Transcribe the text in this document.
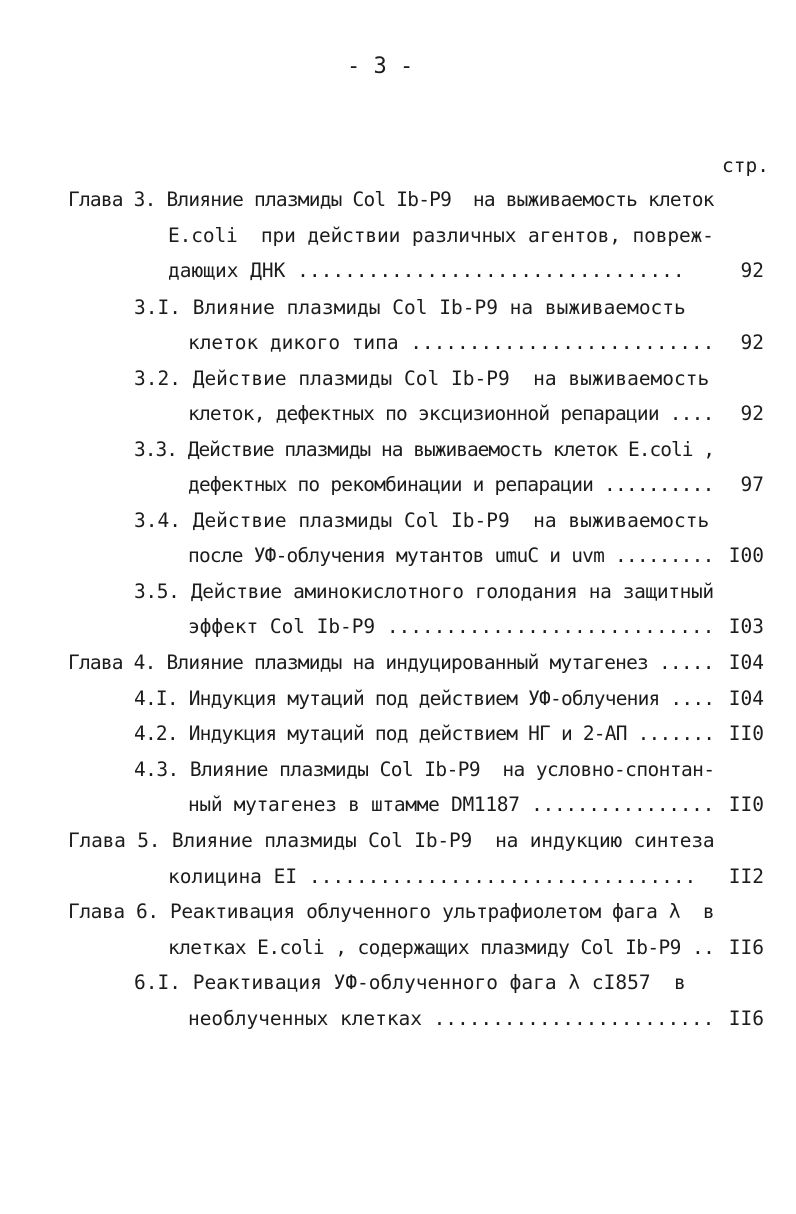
- 3 -
стр.
Глава 3. Влияние плазмиды Col Ib-P9  на выживаемость клеток
E.coli  при действии различных агентов, повреж-
дающих ДНК .................................	92
3.I. Влияние плазмиды Col Ib-P9 на выживаемость
клеток дикого типа .......................... 92
3.2. Действие плазмиды Col Ib-P9  на выживаемость
клеток, дефектных по эксцизионной репарации .... 92
3.3. Действие плазмиды на выживаемость клеток E.coli ,
дефектных по рекомбинации и репарации .......... 97
3.4. Действие плазмиды Col Ib-P9  на выживаемость
после УФ-облучения мутантов umuC и uvm ......... I00
3.5. Действие аминокислотного голодания на защитный
эффект Col Ib-P9 ............................ I03
Глава 4. Влияние плазмиды на индуцированный мутагенез ..... I04
4.I. Индукция мутаций под действием УФ-облучения .... I04
4.2. Индукция мутаций под действием НГ и 2-АП ....... II0
4.3. Влияние плазмиды Col Ib-P9  на условно-спонтан-
ный мутагенез в штамме DM1187 ................ II0
Глава 5. Влияние плазмиды Col Ib-P9  на индукцию синтеза
колицина EI ................................. II2
Глава 6. Реактивация облученного ультрафиолетом фага λ  в
клетках E.coli , содержащих плазмиду Col Ib-P9 .. II6
6.I. Реактивация УФ-облученного фага λ cI857  в
необлученных клетках ........................ II6
